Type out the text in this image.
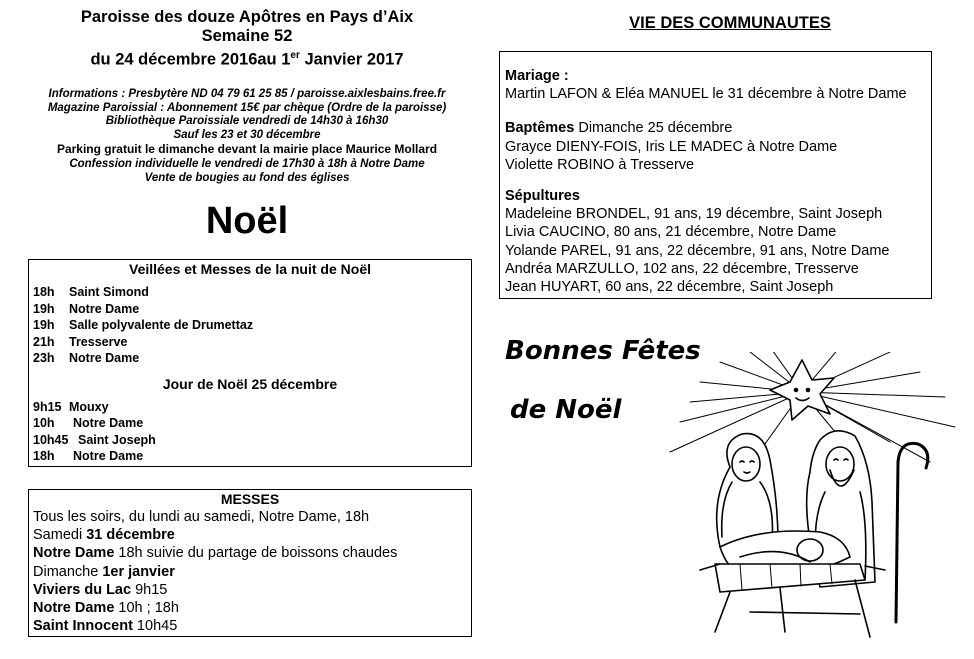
Paroisse des douze Apôtres en Pays d’Aix
Semaine 52
du 24 décembre 2016au 1er Janvier 2017
Informations : Presbytère ND 04 79 61 25 85 / paroisse.aixlesbains.free.fr
Magazine Paroissial : Abonnement 15€ par chèque (Ordre de la paroisse)
Bibliothèque Paroissiale vendredi de 14h30 à 16h30
Sauf les 23 et 30 décembre
Parking gratuit le dimanche devant la mairie place Maurice Mollard
Confession individuelle le vendredi de 17h30 à 18h à Notre Dame
Vente de bougies au fond des églises
Noël
Veillées et Messes de la nuit de Noël
18h Saint Simond
19h Notre Dame
19h Salle polyvalente de Drumettaz
21h Tresserve
23h Notre Dame
Jour de Noël 25 décembre
9h15 Mouxy
10h Notre Dame
10h45 Saint Joseph
18h Notre Dame
MESSES
Tous les soirs, du lundi au samedi, Notre Dame, 18h
Samedi 31 décembre
Notre Dame 18h suivie du partage de boissons chaudes
Dimanche 1er janvier
Viviers du Lac 9h15
Notre Dame 10h ; 18h
Saint Innocent 10h45
VIE DES COMMUNAUTES
Mariage :
Martin LAFON & Eléa MANUEL le 31 décembre à Notre Dame
Baptêmes Dimanche 25 décembre
Grayce DIENY-FOIS, Iris LE MADEC à Notre Dame
Violette ROBINO à Tresserve
Sépultures
Madeleine BRONDEL, 91 ans, 19 décembre, Saint Joseph
Livia CAUCINO, 80 ans, 21 décembre, Notre Dame
Yolande PAREL, 91 ans, 22 décembre, 91 ans, Notre Dame
Andréa MARZULLO, 102 ans, 22 décembre, Tresserve
Jean HUYART, 60 ans, 22 décembre, Saint Joseph
Bonnes Fêtes
de Noël
